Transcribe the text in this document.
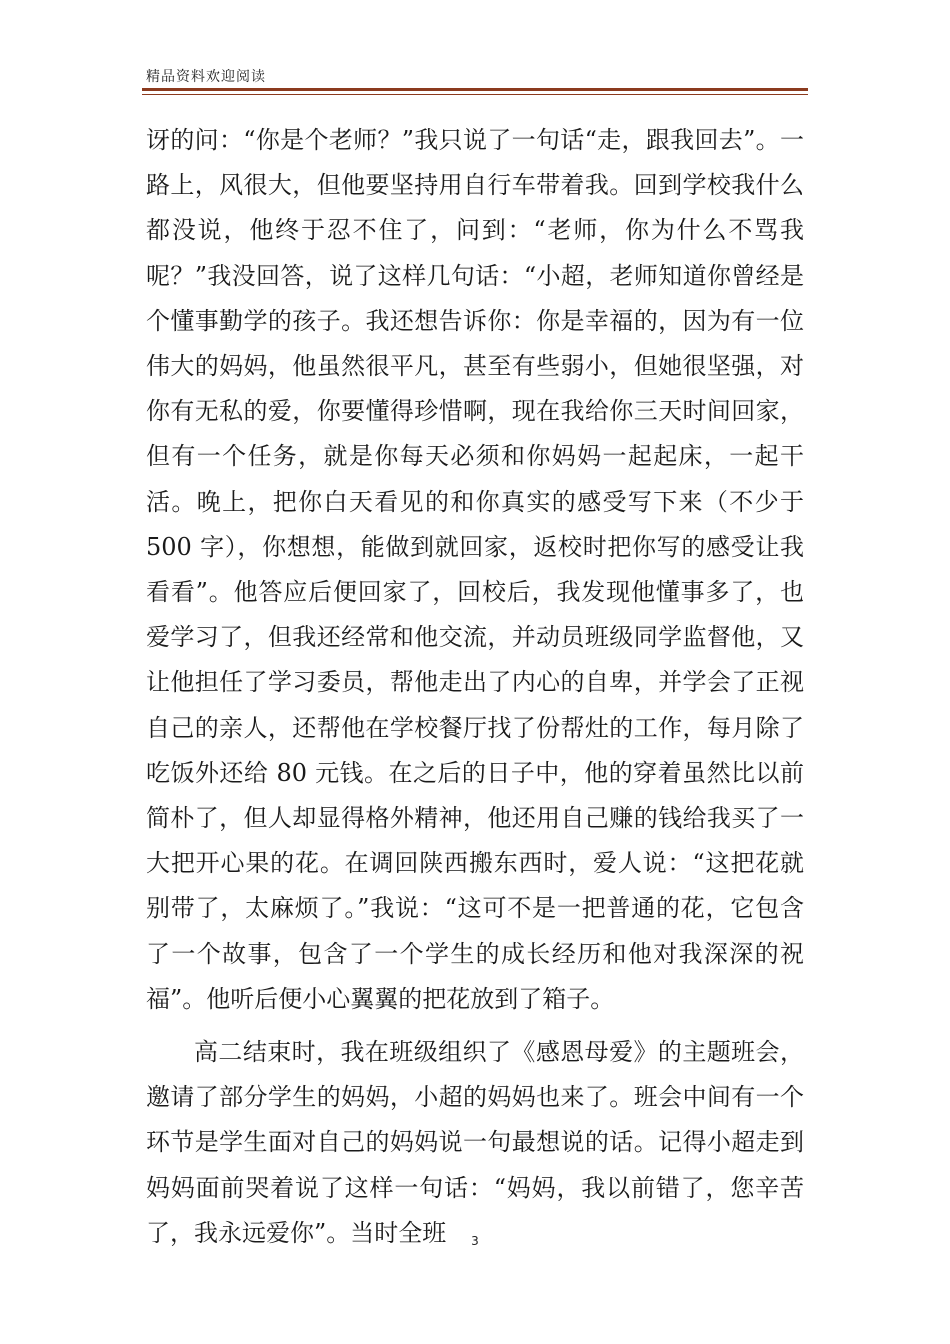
精品资料欢迎阅读

讶的问：“你是个老师？”我只说了一句话“走，跟我回去”。一路上，风很大，但他要坚持用自行车带着我。回到学校我什么都没说，他终于忍不住了，问到：“老师，你为什么不骂我呢？”我没回答，说了这样几句话：“小超，老师知道你曾经是个懂事勤学的孩子。我还想告诉你：你是幸福的，因为有一位伟大的妈妈，他虽然很平凡，甚至有些弱小，但她很坚强，对你有无私的爱，你要懂得珍惜啊，现在我给你三天时间回家，但有一个任务，就是你每天必须和你妈妈一起起床，一起干活。晚上，把你白天看见的和你真实的感受写下来（不少于　500 字），你想想，能做到就回家，返校时把你写的感受让我看看”。他答应后便回家了，回校后，我发现他懂事多了，也爱学习了，但我还经常和他交流，并动员班级同学监督他，又让他担任了学习委员，帮他走出了内心的自卑，并学会了正视自己的亲人，还帮他在学校餐厅找了份帮灶的工作，每月除了吃饭外还给 80 元钱。在之后的日子中，他的穿着虽然比以前简朴了，但人却显得格外精神，他还用自己赚的钱给我买了一大把开心果的花。在调回陕西搬东西时，爱人说：“这把花就别带了，太麻烦了。”我说：“这可不是一把普通的花，它包含了一个故事，包含了一个学生的成长经历和他对我深深的祝福”。他听后便小心翼翼的把花放到了箱子。

高二结束时，我在班级组织了《感恩母爱》的主题班会，邀请了部分学生的妈妈，小超的妈妈也来了。班会中间有一个环节是学生面对自己的妈妈说一句最想说的话。记得小超走到妈妈面前哭着说了这样一句话：“妈妈，我以前错了，您辛苦了，我永远爱你”。当时全班	3
